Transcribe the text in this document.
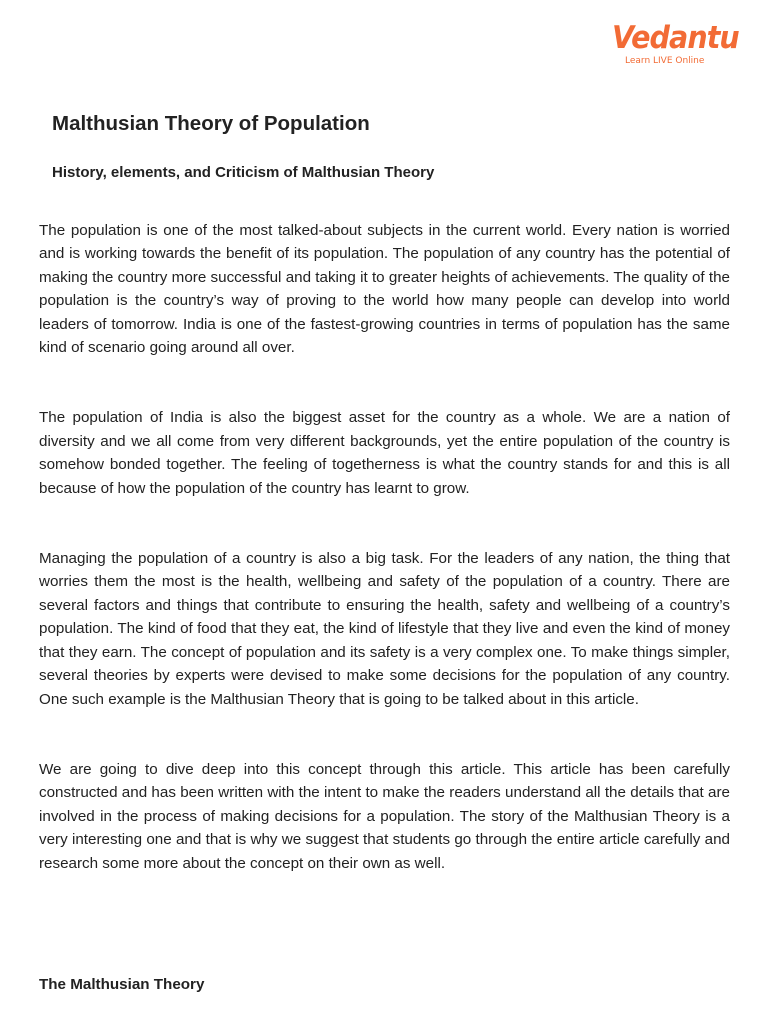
Vedantu
Learn LIVE Online
Malthusian Theory of Population
History, elements, and Criticism of Malthusian Theory

The population is one of the most talked-about subjects in the current world. Every nation is worried and is working towards the benefit of its population. The population of any country has the potential of making the country more successful and taking it to greater heights of achievements. The quality of the population is the country’s way of proving to the world how many people can develop into world leaders of tomorrow. India is one of the fastest-growing countries in terms of population has the same kind of scenario going around all over.

The population of India is also the biggest asset for the country as a whole. We are a nation of diversity and we all come from very different backgrounds, yet the entire population of the country is somehow bonded together. The feeling of togetherness is what the country stands for and this is all because of how the population of the country has learnt to grow.

Managing the population of a country is also a big task. For the leaders of any nation, the thing that worries them the most is the health, wellbeing and safety of the population of a country. There are several factors and things that contribute to ensuring the health, safety and wellbeing of a country’s population. The kind of food that they eat, the kind of lifestyle that they live and even the kind of money that they earn. The concept of population and its safety is a very complex one. To make things simpler, several theories by experts were devised to make some decisions for the population of any country. One such example is the Malthusian Theory that is going to be talked about in this article.

We are going to dive deep into this concept through this article. This article has been carefully constructed and has been written with the intent to make the readers understand all the details that are involved in the process of making decisions for a population. The story of the Malthusian Theory is a very interesting one and that is why we suggest that students go through the entire article carefully and research some more about the concept on their own as well.

The Malthusian Theory
